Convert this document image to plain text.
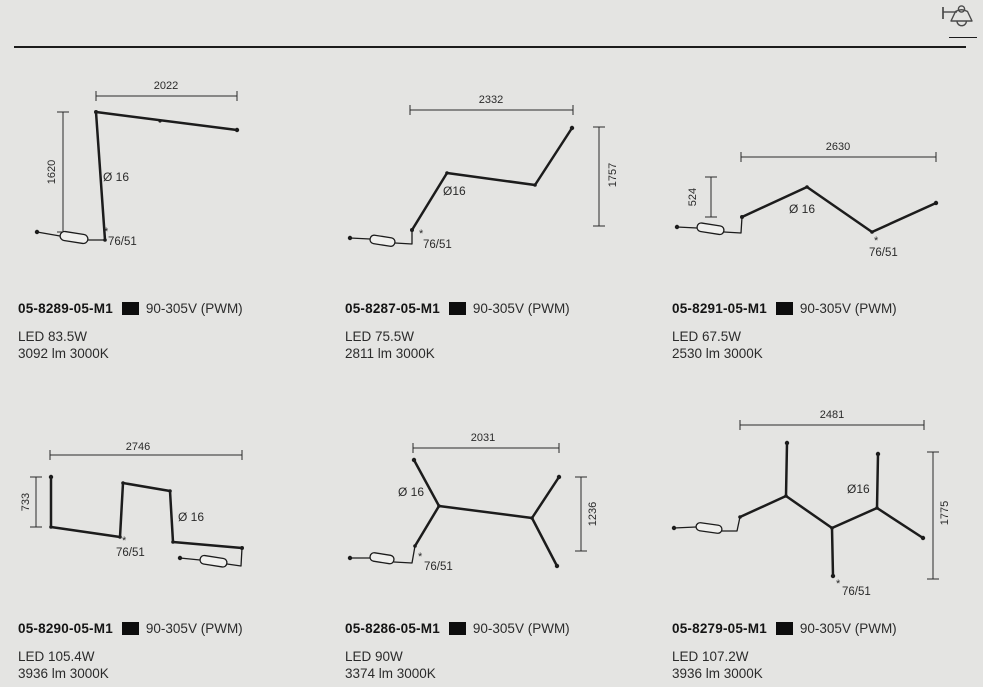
2022
1620	Ø 16
*
76/51
05-8289-05-M1 90-305V (PWM)
LED 83.5W
3092 lm 3000K
2332
1757
Ø16
*
76/51
05-8287-05-M1 90-305V (PWM)
LED 75.5W
2811 lm 3000K
2630
524
Ø 16
*
76/51
05-8291-05-M1 90-305V (PWM)
LED 67.5W
2530 lm 3000K
2746
733
Ø 16
*
76/51
05-8290-05-M1 90-305V (PWM)
LED 105.4W
3936 lm 3000K
2031
1236
Ø 16
*
76/51
05-8286-05-M1 90-305V (PWM)
LED 90W
3374 lm 3000K
2481
1775
Ø16
*
76/51
05-8279-05-M1 90-305V (PWM)
LED 107.2W
3936 lm 3000K
